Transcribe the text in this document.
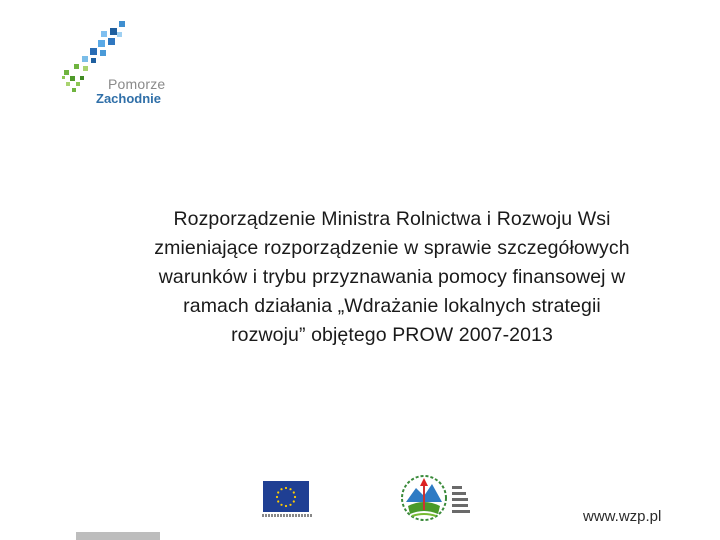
Pomorze
Zachodnie
Rozporządzenie Ministra Rolnictwa i Rozwoju Wsi
zmieniające rozporządzenie w sprawie szczegółowych
warunków i trybu przyznawania pomocy finansowej w
ramach działania „Wdrażanie lokalnych strategii
rozwoju” objętego PROW 2007-2013
www.wzp.pl
